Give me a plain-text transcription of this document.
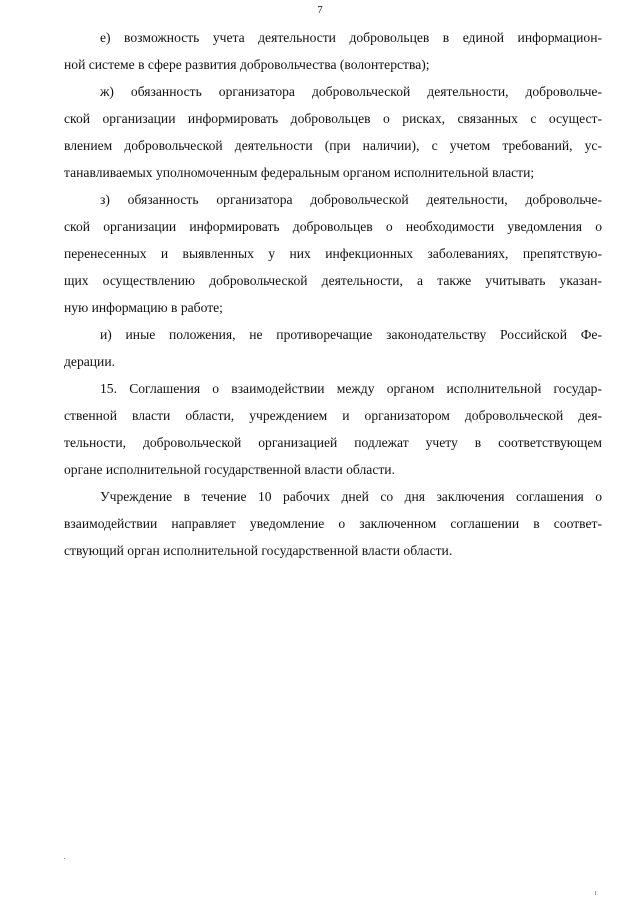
7
е) возможность учета деятельности добровольцев в единой информацион-
ной системе в сфере развития добровольчества (волонтерства);
ж) обязанность организатора добровольческой деятельности, добровольче-
ской организации информировать добровольцев о рисках, связанных с осущест-
влением добровольческой деятельности (при наличии), с учетом требований, ус-
танавливаемых уполномоченным федеральным органом исполнительной власти;
з) обязанность организатора добровольческой деятельности, добровольче-
ской организации информировать добровольцев о необходимости уведомления о
перенесенных и выявленных у них инфекционных заболеваниях, препятствую-
щих осуществлению добровольческой деятельности, а также учитывать указан-
ную информацию в работе;
и) иные положения, не противоречащие законодательству Российской Фе-
дерации.
15. Соглашения о взаимодействии между органом исполнительной государ-
ственной власти области, учреждением и организатором добровольческой дея-
тельности, добровольческой организацией подлежат учету в соответствующем
органе исполнительной государственной власти области.
Учреждение в течение 10 рабочих дней со дня заключения соглашения о
взаимодействии направляет уведомление о заключенном соглашении в соответ-
ствующий орган исполнительной государственной власти области.
